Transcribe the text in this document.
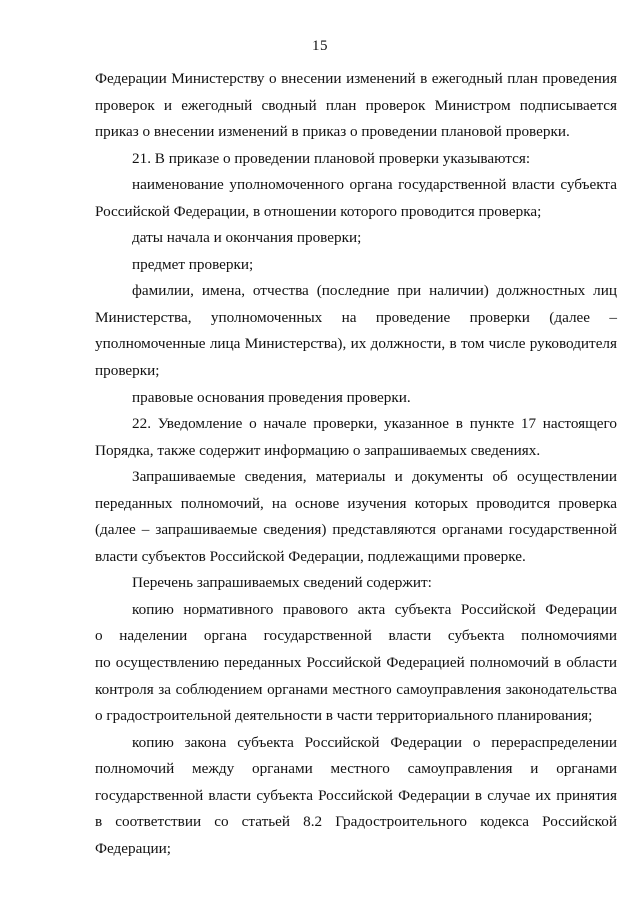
15
Федерации Министерству о внесении изменений в ежегодный план проведения
проверок и ежегодный сводный план проверок Министром подписывается
приказ о внесении изменений в приказ о проведении плановой проверки.
21. В приказе о проведении плановой проверки указываются:
наименование уполномоченного органа государственной власти субъекта
Российской Федерации, в отношении которого проводится проверка;
даты начала и окончания проверки;
предмет проверки;
фамилии, имена, отчества (последние при наличии) должностных лиц
Министерства, уполномоченных на проведение проверки (далее –
уполномоченные лица Министерства), их должности, в том числе руководителя
проверки;
правовые основания проведения проверки.
22. Уведомление о начале проверки, указанное в пункте 17 настоящего
Порядка, также содержит информацию о запрашиваемых сведениях.
Запрашиваемые сведения, материалы и документы об осуществлении
переданных полномочий, на основе изучения которых проводится проверка
(далее – запрашиваемые сведения) представляются органами государственной
власти субъектов Российской Федерации, подлежащими проверке.
Перечень запрашиваемых сведений содержит:
копию нормативного правового акта субъекта Российской Федерации
о наделении органа государственной власти субъекта полномочиями
по осуществлению переданных Российской Федерацией полномочий в области
контроля за соблюдением органами местного самоуправления законодательства
о градостроительной деятельности в части территориального планирования;
копию закона субъекта Российской Федерации о перераспределении
полномочий между органами местного самоуправления и органами
государственной власти субъекта Российской Федерации в случае их принятия
в соответствии со статьей 8.2 Градостроительного кодекса Российской
Федерации;
